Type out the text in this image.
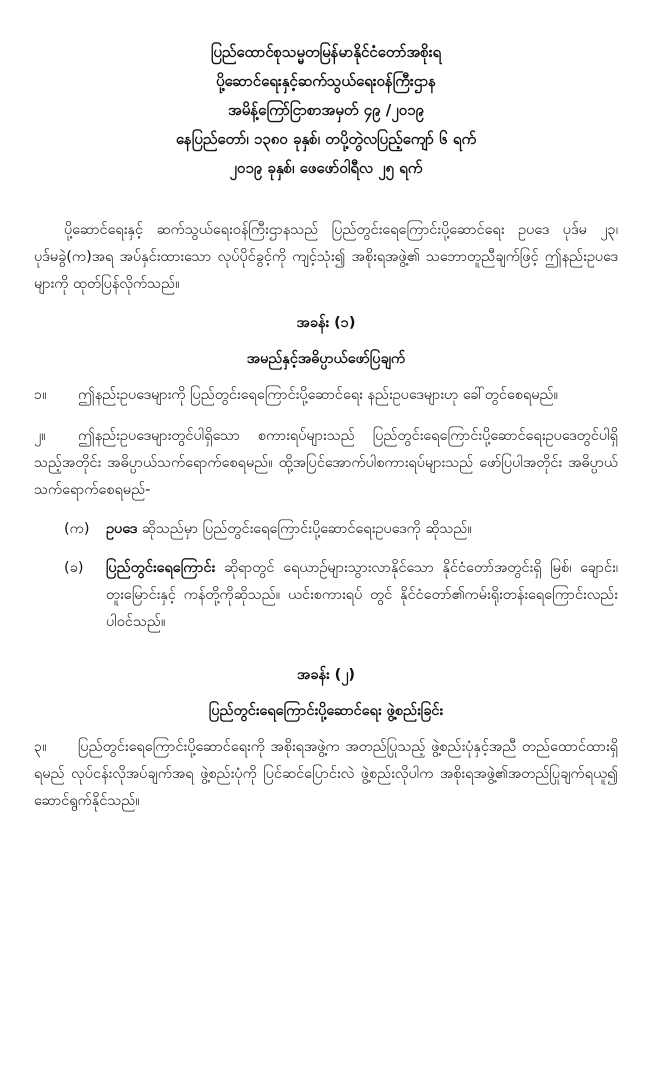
ပြည်ထောင်စုသမ္မတမြန်မာနိုင်ငံတော်အစိုးရ
ပို့ဆောင်ရေးနှင့်ဆက်သွယ်ရေးဝန်ကြီးဌာန
အမိန့်ကြော်ငြာစာအမှတ် ၄၉ /၂၀၁၉
နေပြည်တော်၊ ၁၃၈၀ ခုနှစ်၊ တပို့တွဲလပြည့်ကျော် ၆ ရက်
၂၀၁၉ ခုနှစ်၊ ဖေဖော်ဝါရီလ ၂၅ ရက်

ပို့ဆောင်ရေးနှင့် ဆက်သွယ်ရေးဝန်ကြီးဌာနသည် ပြည်တွင်းရေကြောင်းပို့ဆောင်ရေး ဥပဒေ ပုဒ်မ ၂၃၊ ပုဒ်မခွဲ(က)အရ အပ်နှင်းထားသော လုပ်ပိုင်ခွင့်ကို ကျင့်သုံး၍ အစိုးရအဖွဲ့၏ သဘောတူညီချက်ဖြင့် ဤနည်းဥပဒေများကို ထုတ်ပြန်လိုက်သည်။

အခန်း (၁)
အမည်နှင့်အဓိပ္ပာယ်ဖော်ပြချက်
၁။ ဤနည်းဥပဒေများကို ပြည်တွင်းရေကြောင်းပို့ဆောင်ရေး နည်းဥပဒေများဟု ခေါ်တွင်စေရမည်။
၂။ ဤနည်းဥပဒေများတွင်ပါရှိသော စကားရပ်များသည် ပြည်တွင်းရေကြောင်းပို့ဆောင်ရေးဥပဒေတွင်ပါရှိသည့်အတိုင်း အဓိပ္ပာယ်သက်ရောက်စေရမည်။ ထို့အပြင်အောက်ပါစကားရပ်များသည် ဖော်ပြပါအတိုင်း အဓိပ္ပာယ်သက်ရောက်စေရမည်-
(က)	ဥပဒေ ဆိုသည်မှာ ပြည်တွင်းရေကြောင်းပို့ဆောင်ရေးဥပဒေကို ဆိုသည်။
(ခ)	ပြည်တွင်းရေကြောင်း ဆိုရာတွင် ရေယာဉ်များသွားလာနိုင်သော နိုင်ငံတော်အတွင်းရှိ မြစ်၊ ချောင်း၊ တူးမြောင်းနှင့် ကန်တို့ကိုဆိုသည်။ ယင်းစကားရပ် တွင် နိုင်ငံတော်၏ကမ်းရိုးတန်းရေကြောင်းလည်း ပါဝင်သည်။
အခန်း (၂)
ပြည်တွင်းရေကြောင်းပို့ဆောင်ရေး ဖွဲ့စည်းခြင်း
၃။ ပြည်တွင်းရေကြောင်းပို့ဆောင်ရေးကို အစိုးရအဖွဲ့က အတည်ပြုသည့် ဖွဲ့စည်းပုံနှင့်အညီ တည်ထောင်ထားရှိရမည် လုပ်ငန်းလိုအပ်ချက်အရ ဖွဲ့စည်းပုံကို ပြင်ဆင်ပြောင်းလဲ ဖွဲ့စည်းလိုပါက အစိုးရအဖွဲ့၏အတည်ပြုချက်ရယူ၍ ဆောင်ရွက်နိုင်သည်။
